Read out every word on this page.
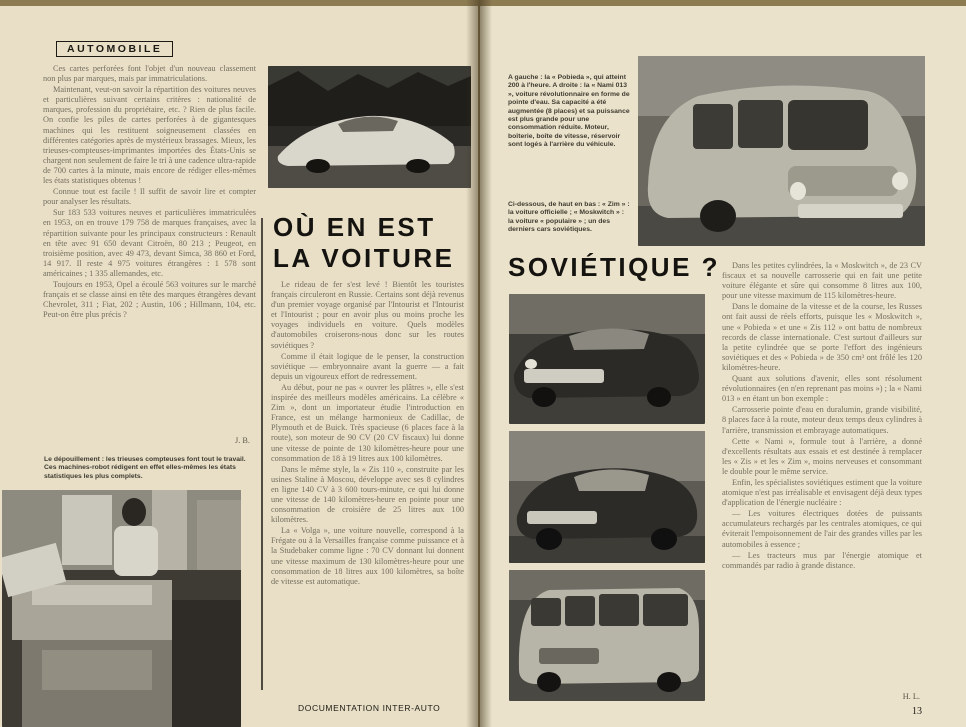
AUTOMOBILE

Ces cartes perforées font l'objet d'un nouveau classement non plus par marques, mais par immatriculations.

Maintenant, veut-on savoir la répartition des voitures neuves et particulières suivant certains critères : nationalité de marques, profession du propriétaire, etc. ? Rien de plus facile. On confie les piles de cartes perforées à de gigantesques machines qui les restituent soigneusement classées en différentes catégories après de mystérieux brassages. Mieux, les trieuses-compteuses-imprimantes importées des États-Unis se chargent non seulement de faire le tri à une cadence ultra-rapide de 700 cartes à la minute, mais encore de rédiger elles-mêmes les états statistiques obtenus !

Connue tout est facile ! Il suffit de savoir lire et compter pour analyser les résultats.

Sur 183 533 voitures neuves et particulières immatriculées en 1953, on en trouve 179 758 de marques françaises, avec la répartition suivante pour les principaux constructeurs : Renault en tête avec 91 650 devant Citroën, 80 213 ; Peugeot, en troisième position, avec 49 473, devant Simca, 38 860 et Ford, 14 917. Il reste 4 975 voitures étrangères : 1 578 sont américaines ; 1 335 allemandes, etc.

Toujours en 1953, Opel a écoulé 563 voitures sur le marché français et se classe ainsi en tête des marques étrangères devant Chevrolet, 311 ; Fiat, 202 ; Austin, 106 ; Hillmann, 104, etc. Peut-on être plus précis ?

J. B.
Le dépouillement : les trieuses compteuses font tout le travail. Ces machines-robot rédigent en effet elles-mêmes les états statistiques les plus complets.
OÙ EN EST
LA VOITURE

Le rideau de fer s'est levé ! Bientôt les touristes français circuleront en Russie. Certains sont déjà revenus d'un premier voyage organisé par l'Intourist et l'Intourist et l'Intourist ; pour en avoir plus ou moins proche les voyages individuels en voiture. Quels modèles d'automobiles croiserons-nous donc sur les routes soviétiques ?

Comme il était logique de le penser, la construction soviétique — embryonnaire avant la guerre — a fait depuis un vigoureux effort de redressement.

Au début, pour ne pas « ouvrer les plâtres », elle s'est inspirée des meilleurs modèles américains. La célèbre « Zim », dont un importateur étudie l'introduction en France, est un mélange harmonieux de Cadillac, de Plymouth et de Buick. Très spacieuse (6 places face à la route), son moteur de 90 CV (20 CV fiscaux) lui donne une vitesse de pointe de 130 kilomètres-heure pour une consommation de 18 à 19 litres aux 100 kilomètres.

Dans le même style, la « Zis 110 », construite par les usines Staline à Moscou, développe avec ses 8 cylindres en ligne 140 CV à 3 600 tours-minute, ce qui lui donne une vitesse de 140 kilomètres-heure en pointe pour une consommation de croisière de 25 litres aux 100 kilomètres.

La « Volga », une voiture nouvelle, correspond à la Frégate ou à la Versailles française comme puissance et à la Studebaker comme ligne : 70 CV donnant lui donnent une vitesse maximum de 130 kilomètres-heure pour une consommation de 18 litres aux 100 kilomètres, sa boîte de vitesse est automatique.

DOCUMENTATION INTER-AUTO
A gauche : la « Pobieda », qui atteint 200 à l'heure. A droite : la « Nami 013 », voiture révolutionnaire en forme de pointe d'eau. Sa capacité a été augmentée (8 places) et sa puissance est plus grande pour une consommation réduite. Moteur, boîterie, boîte de vitesse, réservoir sont logés à l'arrière du véhicule.
Ci-dessous, de haut en bas : « Zim » : la voiture officielle ; « Moskwitch » : la voiture « populaire » ; un des derniers cars soviétiques.
SOVIÉTIQUE ?	Dans les petites cylindrées, la « Moskwitch », de 23 CV fiscaux et sa nouvelle carrosserie qui en fait une petite voiture élégante et sûre qui consomme 8 litres aux 100, pour une vitesse maximum de 115 kilomètres-heure.

Dans le domaine de la vitesse et de la course, les Russes ont fait aussi de réels efforts, puisque les « Moskwitch », une « Pobieda » et une « Zis 112 » ont battu de nombreux records de classe internationale. C'est surtout d'ailleurs sur la petite cylindrée que se porte l'effort des ingénieurs soviétiques et des « Pobieda » de 350 cm³ ont frôlé les 120 kilomètres-heure.

Quant aux solutions d'avenir, elles sont résolument révolutionnaires (en n'en reprenant pas moins ») ; la « Nami 013 » en étant un bon exemple :

Carrosserie pointe d'eau en duralumin, grande visibilité, 8 places face à la route, moteur deux temps deux cylindres à l'arrière, transmission et embrayage automatiques.

Cette « Nami », formule tout à l'arrière, a donné d'excellents résultats aux essais et est destinée à remplacer les « Zis » et les « Zim », moins nerveuses et consommant le double pour le même service.

Enfin, les spécialistes soviétiques estiment que la voiture atomique n'est pas irréalisable et envisagent déjà deux types d'application de l'énergie nucléaire :

— Les voitures électriques dotées de puissants accumulateurs rechargés par les centrales atomiques, ce qui éviterait l'empoisonnement de l'air des grandes villes par les automobiles à essence ;

— Les tracteurs mus par l'énergie atomique et commandés par radio à grande distance.

H. L.
13
